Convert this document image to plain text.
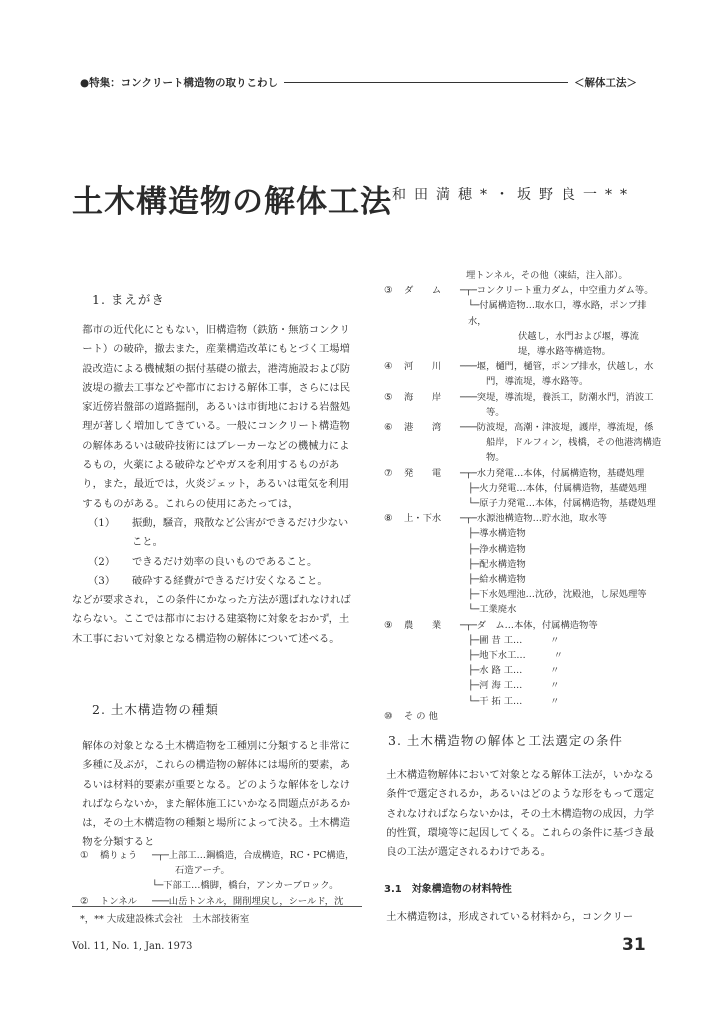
●特集：コンクリート構造物の取りこわし	＜解体工法＞
土木構造物の解体工法 和田満穂*・坂野良一**
1. まえがき

都市の近代化にともない，旧構造物（鉄筋・無筋コンクリート）の破砕，撤去また，産業構造改革にもとづく工場増設改造による機械類の据付基礎の撤去，港湾施設および防波堤の撤去工事などや都市における解体工事，さらには民家近傍岩盤部の道路掘削，あるいは市街地における岩盤処理が著しく増加してきている。一般にコンクリート構造物の解体あるいは破砕技術にはブレーカーなどの機械力によるもの，火薬による破砕などやガスを利用するものがあり，また，最近では，火炎ジェット，あるいは電気を利用するものがある。これらの使用にあたっては，

（1）	振動，騒音，飛散など公害ができるだけ少ないこと。
（2）	できるだけ効率の良いものであること。
（3）	破砕する経費ができるだけ安くなること。

などが要求され，この条件にかなった方法が選ばれなければならない。ここでは都市における建築物に対象をおかず，土木工事において対象となる構造物の解体について述べる。

2. 土木構造物の種類

解体の対象となる土木構造物を工種別に分類すると非常に多種に及ぶが，これらの構造物の解体には場所的要素，あるいは材料的要素が重要となる。どのような解体をしなければならないか，また解体施工にいかなる問題点があるかは，その土木構造物の種類と場所によって決る。土木構造物を分類すると

①	橋りょう	─┬─上部工…鋼橋造，合成構造，RC・PC構造，
石造アーチ。
└─下部工…橋脚，橋台，アンカーブロック。
②	トンネル	───山岳トンネル，開削埋戻し，シールド，沈
*，** 大成建設株式会社　土木部技術室
Vol. 11, No. 1, Jan. 1973	31
埋トンネル，その他（凍結，注入部）。
③	ダ　　ム	─┬─コンクリート重力ダム，中空重力ダム等。
└─付属構造物…取水口，導水路，ポンプ排水，
伏越し，水門および堰，導流
堤，導水路等構造物。
④	河　　川	───堰，樋門，樋管，ポンプ排水，伏越し，水
門，導流堤，導水路等。
⑤	海　　岸	───突堤，導流堤，養浜工，防潮水門，消波工
等。
⑥	港　　湾	───防波堤，高潮・津波堤，護岸，導流堤，係
船岸，ドルフィン，桟橋，その他港湾構造
物。
⑦	発　　電	─┬─水力発電…本体，付属構造物，基礎処理
├─火力発電…本体，付属構造物，基礎処理
└─原子力発電…本体，付属構造物，基礎処理
⑧	上・下水	─┬─水源池構造物…貯水池，取水等
├─導水構造物
├─浄水構造物
├─配水構造物
├─給水構造物
├─下水処理池…沈砂，沈殿池，し尿処理等
└─工業廃水
⑨	農　　業	─┬─ダ　ム…本体，付属構造物等
├─圃 昔 工…　　　〃
├─地下水工…　　　〃
├─水 路 工…　　　〃
├─河 海 工…　　　〃
└─干 拓 工…　　　〃
⑩	そ の 他
3. 土木構造物の解体と工法選定の条件

土木構造物解体において対象となる解体工法が，いかなる条件で選定されるか，あるいはどのような形をもって選定されなければならないかは，その土木構造物の成因，力学的性質，環境等に起因してくる。これらの条件に基づき最良の工法が選定されるわけである。

3.1　対象構造物の材料特性

土木構造物は，形成されている材料から，コンクリー
